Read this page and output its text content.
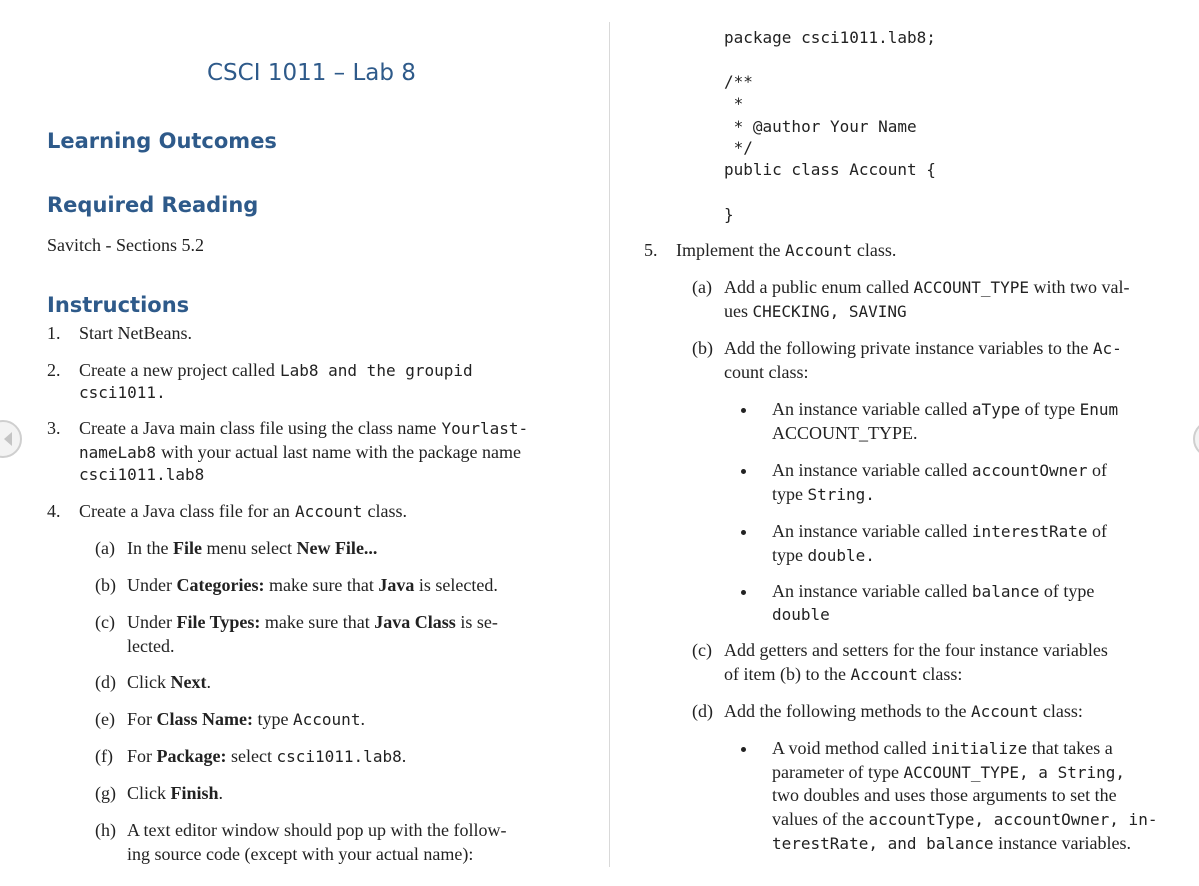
CSCI 1011 – Lab 8
Learning Outcomes
Required Reading
Savitch - Sections 5.2
Instructions
1. Start NetBeans.
2. Create a new project called Lab8 and the groupid
csci1011.
3. Create a Java main class file using the class name Yourlast-
nameLab8 with your actual last name with the package name
csci1011.lab8
4. Create a Java class file for an Account class.
(a) In the File menu select New File...
(b) Under Categories: make sure that Java is selected.
(c) Under File Types: make sure that Java Class is se-
lected.
(d) Click Next.
(e) For Class Name: type Account.
(f) For Package: select csci1011.lab8.
(g) Click Finish.
(h) A text editor window should pop up with the follow-
ing source code (except with your actual name):
package csci1011.lab8;
/**
*
* @author Your Name
*/
public class Account {
}
5. Implement the Account class.
(a) Add a public enum called ACCOUNT_TYPE with two val-
ues CHECKING, SAVING
(b) Add the following private instance variables to the Ac-
count class:
An instance variable called aType of type Enum
ACCOUNT_TYPE.
An instance variable called accountOwner of
type String.
An instance variable called interestRate of
type double.
An instance variable called balance of type
double
(c) Add getters and setters for the four instance variables
of item (b) to the Account class:
(d) Add the following methods to the Account class:
A void method called initialize that takes a
parameter of type ACCOUNT_TYPE, a String,
two doubles and uses those arguments to set the
values of the accountType, accountOwner, in-
terestRate, and balance instance variables.
